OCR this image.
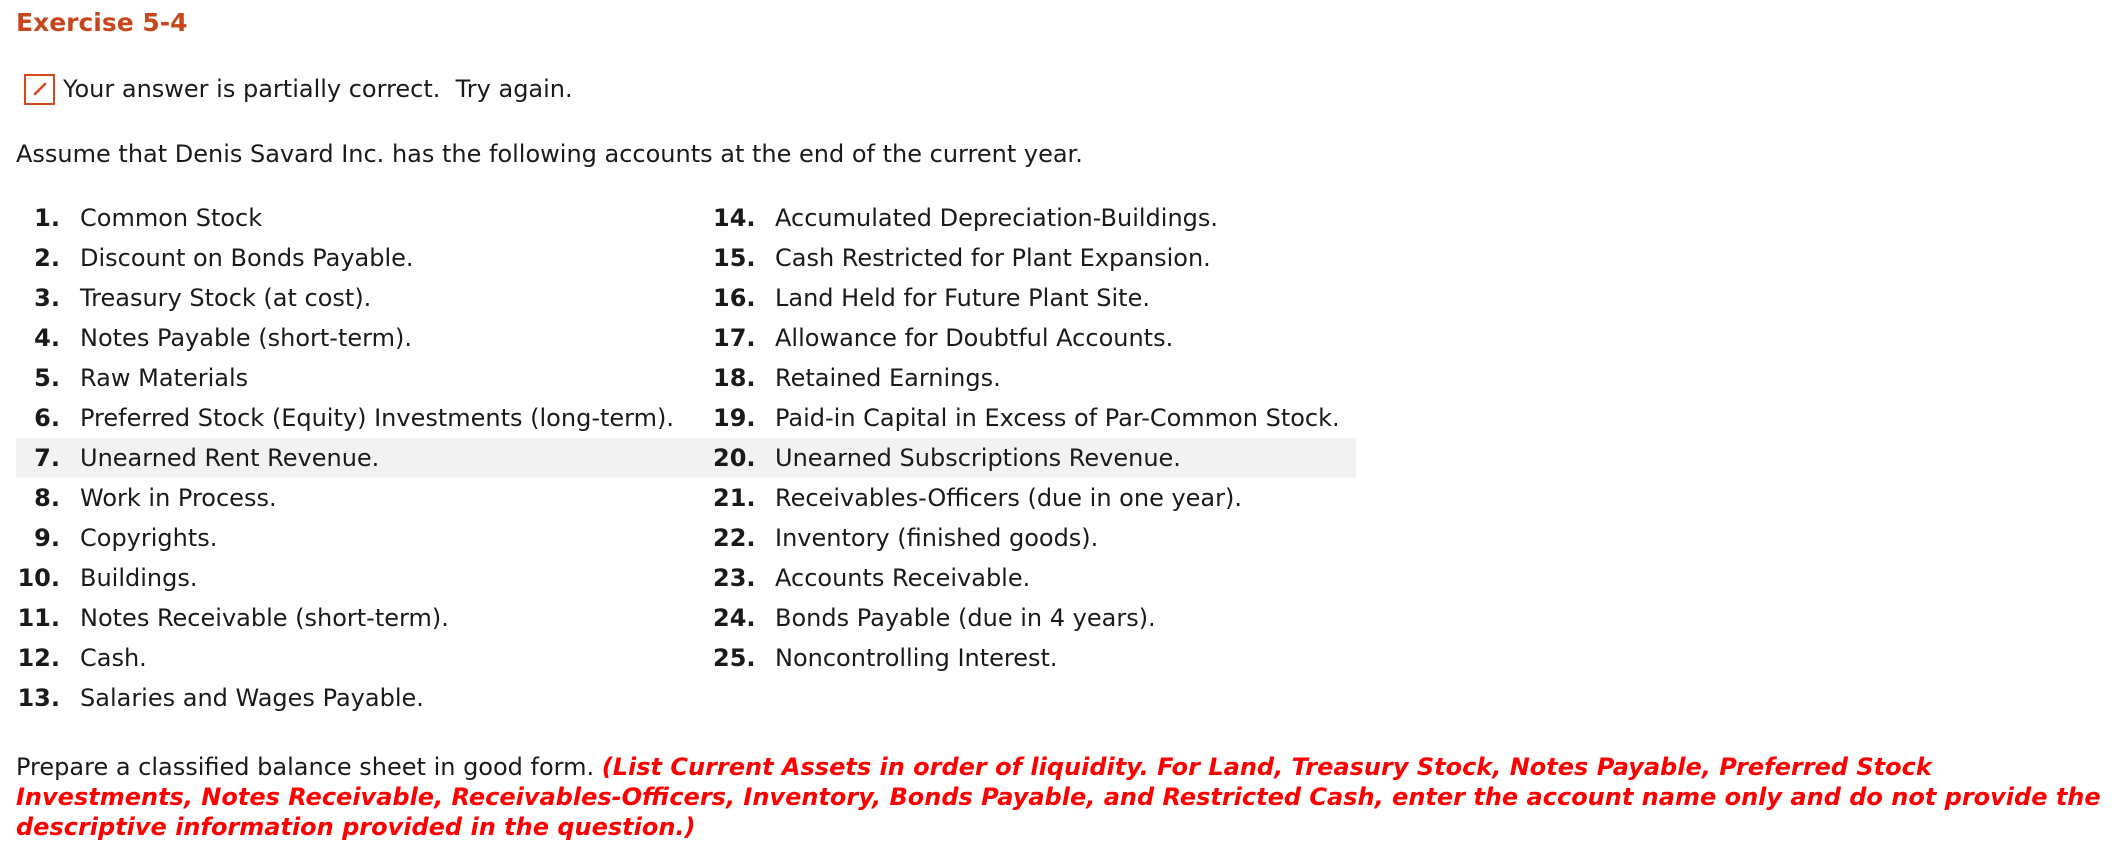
Exercise 5-4
Your answer is partially correct.  Try again.

Assume that Denis Savard Inc. has the following accounts at the end of the current year.

1. Common Stock	14. Accumulated Depreciation-Buildings.
2. Discount on Bonds Payable.	15. Cash Restricted for Plant Expansion.
3. Treasury Stock (at cost).	16. Land Held for Future Plant Site.
4. Notes Payable (short-term).	17. Allowance for Doubtful Accounts.
5. Raw Materials	18. Retained Earnings.
6. Preferred Stock (Equity) Investments (long-term). 19. Paid-in Capital in Excess of Par-Common Stock.
7. Unearned Rent Revenue.	20. Unearned Subscriptions Revenue.
8. Work in Process.	21. Receivables-Officers (due in one year).
9. Copyrights.	22. Inventory (finished goods).
10. Buildings.	23. Accounts Receivable.
11. Notes Receivable (short-term).	24. Bonds Payable (due in 4 years).
12. Cash.	25. Noncontrolling Interest.
13. Salaries and Wages Payable.

Prepare a classified balance sheet in good form. (List Current Assets in order of liquidity. For Land, Treasury Stock, Notes Payable, Preferred Stock Investments, Notes Receivable, Receivables-Officers, Inventory, Bonds Payable, and Restricted Cash, enter the account name only and do not provide the descriptive information provided in the question.)
